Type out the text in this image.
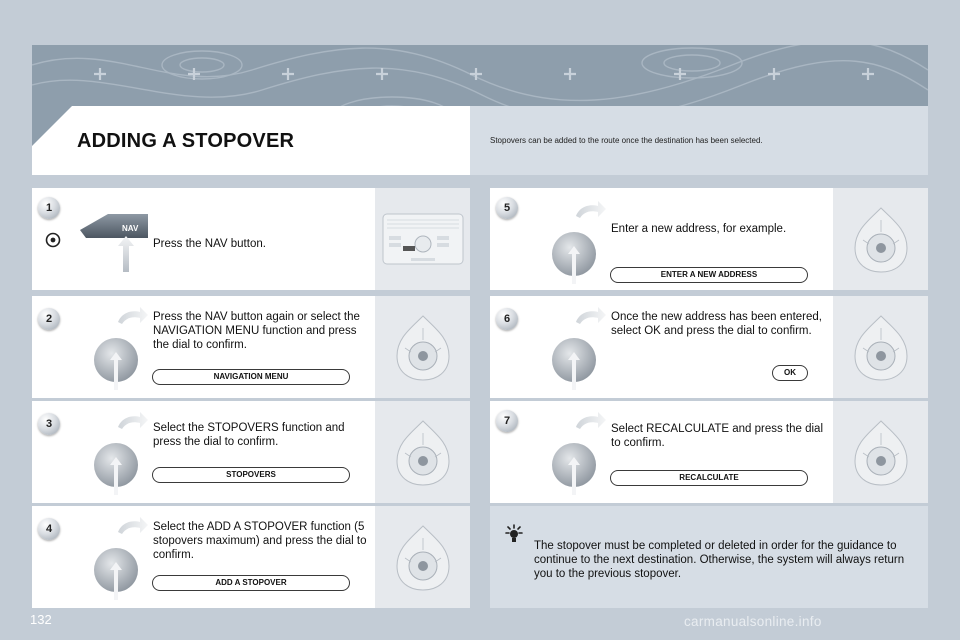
ADDING A STOPOVER	Stopovers can be added to the route once the destination has been selected.
1
NAV
Press the NAV button.
2	Press the NAV button again or select the NAVIGATION MENU function and press the dial to confirm.
NAVIGATION MENU
3	Select the STOPOVERS function and press the dial to confirm.
STOPOVERS
4	Select the ADD A STOPOVER function (5 stopovers maximum) and press the dial to confirm.
ADD A STOPOVER
5
Enter a new address, for example.
ENTER A NEW ADDRESS
6	Once the new address has been entered, select OK and press the dial to confirm.
OK
7
Select RECALCULATE and press the dial to confirm.
RECALCULATE
The stopover must be completed or deleted in order for the guidance to continue to the next destination. Otherwise, the system will always return you to the previous stopover.
132	carmanualsonline.info
